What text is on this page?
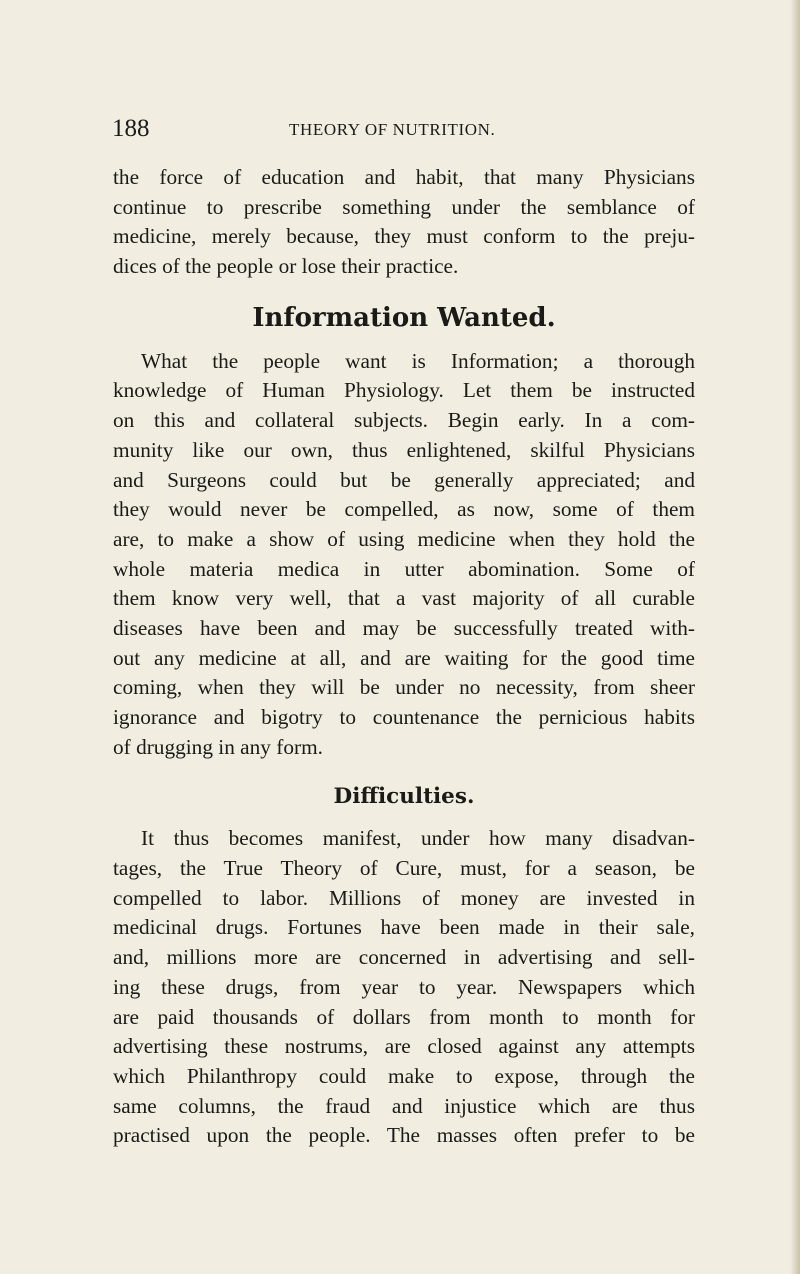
188	THEORY OF NUTRITION.
the force of education and habit, that many Physicians
continue to prescribe something under the semblance of
medicine, merely because, they must conform to the preju-
dices of the people or lose their practice.
Information Wanted.
What the people want is Information; a thorough
knowledge of Human Physiology. Let them be instructed
on this and collateral subjects. Begin early. In a com-
munity like our own, thus enlightened, skilful Physicians
and Surgeons could but be generally appreciated; and
they would never be compelled, as now, some of them
are, to make a show of using medicine when they hold the
whole materia medica in utter abomination. Some of
them know very well, that a vast majority of all curable
diseases have been and may be successfully treated with-
out any medicine at all, and are waiting for the good time
coming, when they will be under no necessity, from sheer
ignorance and bigotry to countenance the pernicious habits
of drugging in any form.
Difficulties.
It thus becomes manifest, under how many disadvan-
tages, the True Theory of Cure, must, for a season, be
compelled to labor. Millions of money are invested in
medicinal drugs. Fortunes have been made in their sale,
and, millions more are concerned in advertising and sell-
ing these drugs, from year to year. Newspapers which
are paid thousands of dollars from month to month for
advertising these nostrums, are closed against any attempts
which Philanthropy could make to expose, through the
same columns, the fraud and injustice which are thus
practised upon the people. The masses often prefer to be
